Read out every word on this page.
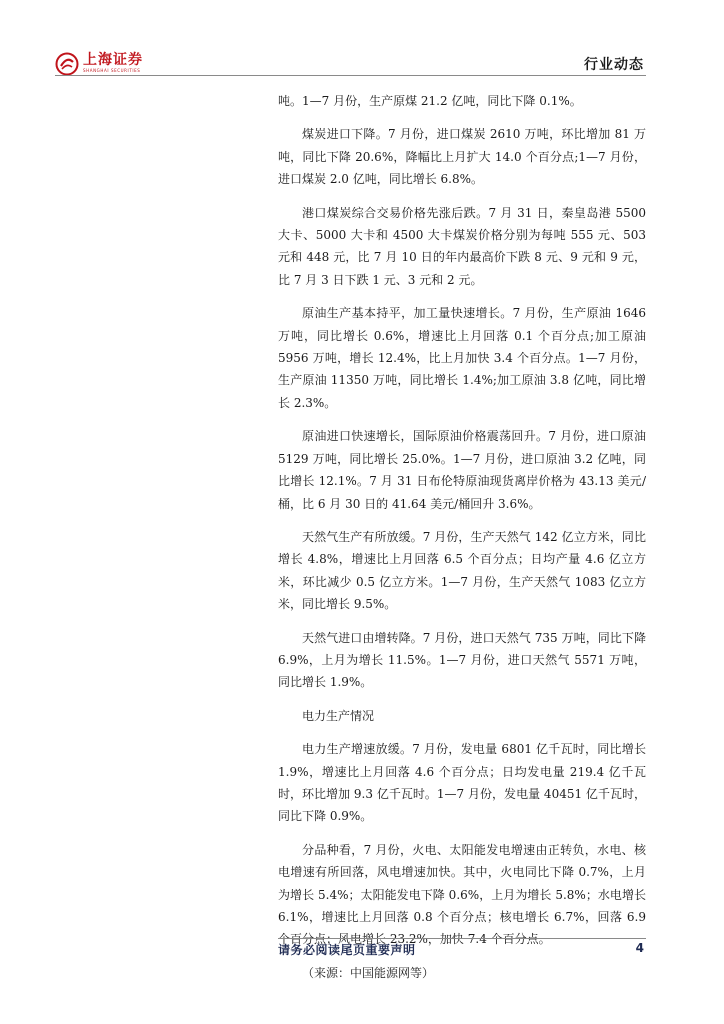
上海证券
SHANGHAI SECURITIES	行业动态

吨。1—7 月份，生产原煤 21.2 亿吨，同比下降 0.1%。

煤炭进口下降。7 月份，进口煤炭 2610 万吨，环比增加 81 万吨，同比下降 20.6%，降幅比上月扩大 14.0 个百分点;1—7 月份，进口煤炭 2.0 亿吨，同比增长 6.8%。

港口煤炭综合交易价格先涨后跌。7 月 31 日，秦皇岛港 5500 大卡、5000 大卡和 4500 大卡煤炭价格分别为每吨 555 元、503 元和 448 元，比 7 月 10 日的年内最高价下跌 8 元、9 元和 9 元，比 7 月 3 日下跌 1 元、3 元和 2 元。

原油生产基本持平，加工量快速增长。7 月份，生产原油 1646 万吨，同比增长 0.6%，增速比上月回落 0.1 个百分点;加工原油 5956 万吨，增长 12.4%，比上月加快 3.4 个百分点。1—7 月份，生产原油 11350 万吨，同比增长 1.4%;加工原油 3.8 亿吨，同比增长 2.3%。

原油进口快速增长，国际原油价格震荡回升。7 月份，进口原油 5129 万吨，同比增长 25.0%。1—7 月份，进口原油 3.2 亿吨，同比增长 12.1%。7 月 31 日布伦特原油现货离岸价格为 43.13 美元/桶，比 6 月 30 日的 41.64 美元/桶回升 3.6%。

天然气生产有所放缓。7 月份，生产天然气 142 亿立方米，同比增长 4.8%，增速比上月回落 6.5 个百分点；日均产量 4.6 亿立方米，环比减少 0.5 亿立方米。1—7 月份，生产天然气 1083 亿立方米，同比增长 9.5%。

天然气进口由增转降。7 月份，进口天然气 735 万吨，同比下降 6.9%，上月为增长 11.5%。1—7 月份，进口天然气 5571 万吨，同比增长 1.9%。

电力生产情况

电力生产增速放缓。7 月份，发电量 6801 亿千瓦时，同比增长 1.9%，增速比上月回落 4.6 个百分点；日均发电量 219.4 亿千瓦时，环比增加 9.3 亿千瓦时。1—7 月份，发电量 40451 亿千瓦时，同比下降 0.9%。

分品种看，7 月份，火电、太阳能发电增速由正转负，水电、核电增速有所回落，风电增速加快。其中，火电同比下降 0.7%，上月为增长 5.4%；太阳能发电下降 0.6%，上月为增长 5.8%；水电增长 6.1%，增速比上月回落 0.8 个百分点；核电增长 6.7%，回落 6.9 个百分点；风电增长 23.2%，加快 7.4 个百分点。

（来源：中国能源网等）

请务必阅读尾页重要声明	4
